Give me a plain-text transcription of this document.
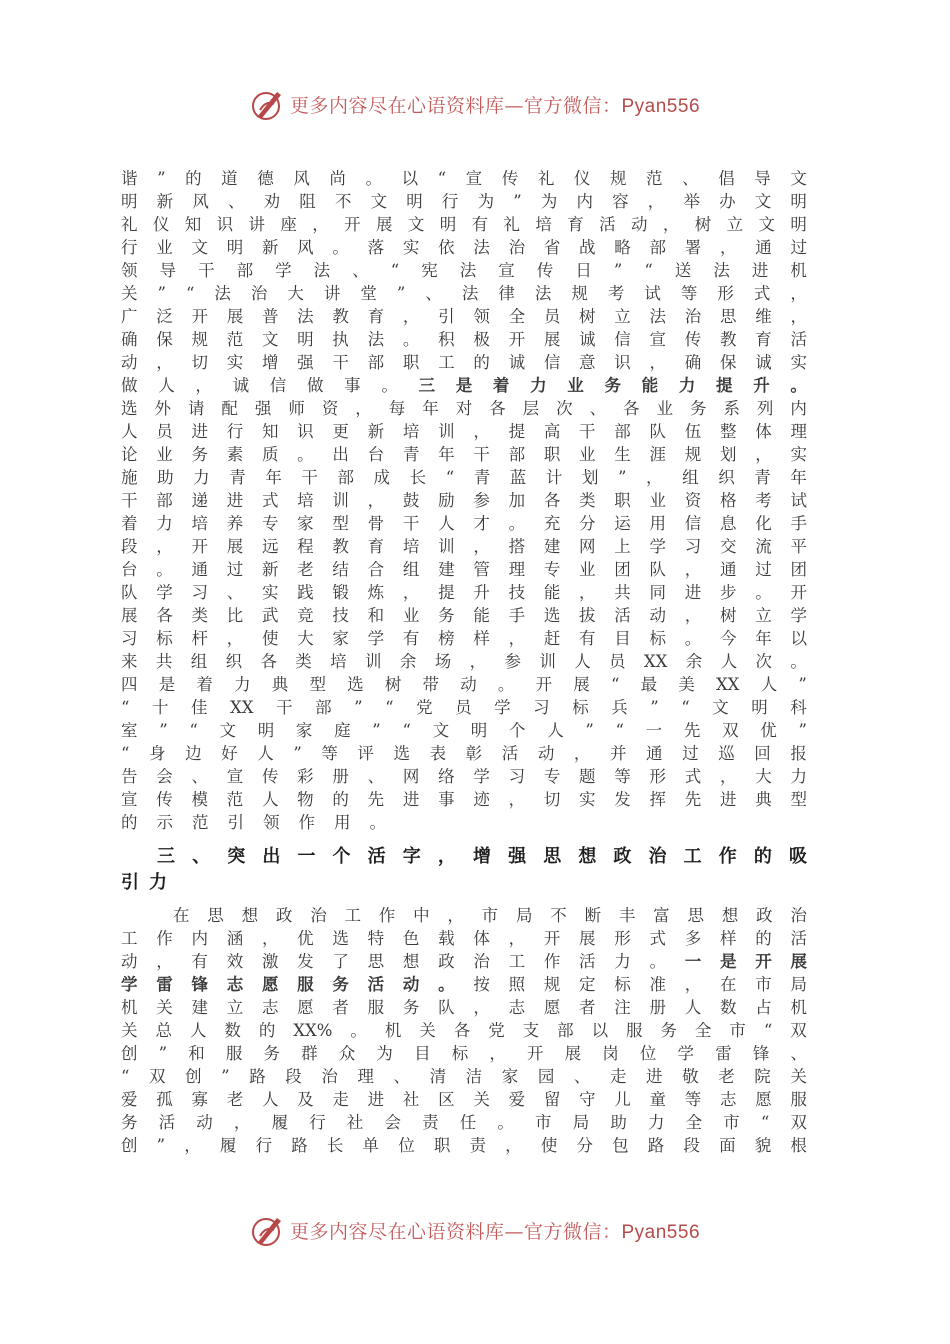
更多内容尽在心语资料库—官方微信：Pyan556
谐 ” 的 道 德 风 尚 。 以 “ 宣 传 礼 仪 规 范 、 倡 导 文
明 新 风 、 劝 阻 不 文 明 行 为 ” 为 内 容 ， 举 办 文 明
礼 仪 知 识 讲 座 ， 开 展 文 明 有 礼 培 育 活 动 ， 树 立 文 明
行 业 文 明 新 风 。 落 实 依 法 治 省 战 略 部 署 ， 通 过
领 导 干 部 学 法 、 “ 宪 法 宣 传 日 ” “ 送 法 进 机
关 ” “ 法 治 大 讲 堂 ” 、 法 律 法 规 考 试 等 形 式 ，
广 泛 开 展 普 法 教 育 ， 引 领 全 员 树 立 法 治 思 维 ，
确 保 规 范 文 明 执 法 。 积 极 开 展 诚 信 宣 传 教 育 活
动 ， 切 实 增 强 干 部 职 工 的 诚 信 意 识 ， 确 保 诚 实
做 人 ， 诚 信 做 事 。 三 是 着 力 业 务 能 力 提 升 。
选 外 请 配 强 师 资 ， 每 年 对 各 层 次 、 各 业 务 系 列 内
人 员 进 行 知 识 更 新 培 训 ， 提 高 干 部 队 伍 整 体 理
论 业 务 素 质 。 出 台 青 年 干 部 职 业 生 涯 规 划 ， 实
施 助 力 青 年 干 部 成 长 “ 青 蓝 计 划 ” ， 组 织 青 年
干 部 递 进 式 培 训 ， 鼓 励 参 加 各 类 职 业 资 格 考 试
着 力 培 养 专 家 型 骨 干 人 才 。 充 分 运 用 信 息 化 手
段 ， 开 展 远 程 教 育 培 训 ， 搭 建 网 上 学 习 交 流 平
台 。 通 过 新 老 结 合 组 建 管 理 专 业 团 队 ， 通 过 团
队 学 习 、 实 践 锻 炼 ， 提 升 技 能 ， 共 同 进 步 。 开
展 各 类 比 武 竞 技 和 业 务 能 手 选 拔 活 动 ， 树 立 学
习 标 杆 ， 使 大 家 学 有 榜 样 ， 赶 有 目 标 。 今 年 以
来 共 组 织 各 类 培 训 余 场 ， 参 训 人 员 XX 余 人 次 。
四 是 着 力 典 型 选 树 带 动 。 开 展 “ 最 美 XX 人 ”
“ 十 佳 XX 干 部 ” “ 党 员 学 习 标 兵 ” “ 文 明 科
室 ” “ 文 明 家 庭 ” “ 文 明 个 人 ” “ 一 先 双 优 ”
“ 身 边 好 人 ” 等 评 选 表 彰 活 动 ， 并 通 过 巡 回 报
告 会 、 宣 传 彩 册 、 网 络 学 习 专 题 等 形 式 ， 大 力
宣 传 模 范 人 物 的 先 进 事 迹 ， 切 实 发 挥 先 进 典 型
的 示 范 引 领 作 用 。
三 、 突 出 一 个 活 字 ， 增 强 思 想 政 治 工 作 的 吸
引 力
在 思 想 政 治 工 作 中 ， 市 局 不 断 丰 富 思 想 政 治
工 作 内 涵 ， 优 选 特 色 载 体 ， 开 展 形 式 多 样 的 活
动 ， 有 效 激 发 了 思 想 政 治 工 作 活 力 。 一 是 开 展
学 雷 锋 志 愿 服 务 活 动 。 按 照 规 定 标 准 ， 在 市 局
机 关 建 立 志 愿 者 服 务 队 ， 志 愿 者 注 册 人 数 占 机
关 总 人 数 的 XX% 。 机 关 各 党 支 部 以 服 务 全 市 “ 双
创 ” 和 服 务 群 众 为 目 标 ， 开 展 岗 位 学 雷 锋 、
“ 双 创 ” 路 段 治 理 、 清 洁 家 园 、 走 进 敬 老 院 关
爱 孤 寡 老 人 及 走 进 社 区 关 爱 留 守 儿 童 等 志 愿 服
务 活 动 ， 履 行 社 会 责 任 。 市 局 助 力 全 市 “ 双
创 ” ， 履 行 路 长 单 位 职 责 ， 使 分 包 路 段 面 貌 根
更多内容尽在心语资料库—官方微信：Pyan556
